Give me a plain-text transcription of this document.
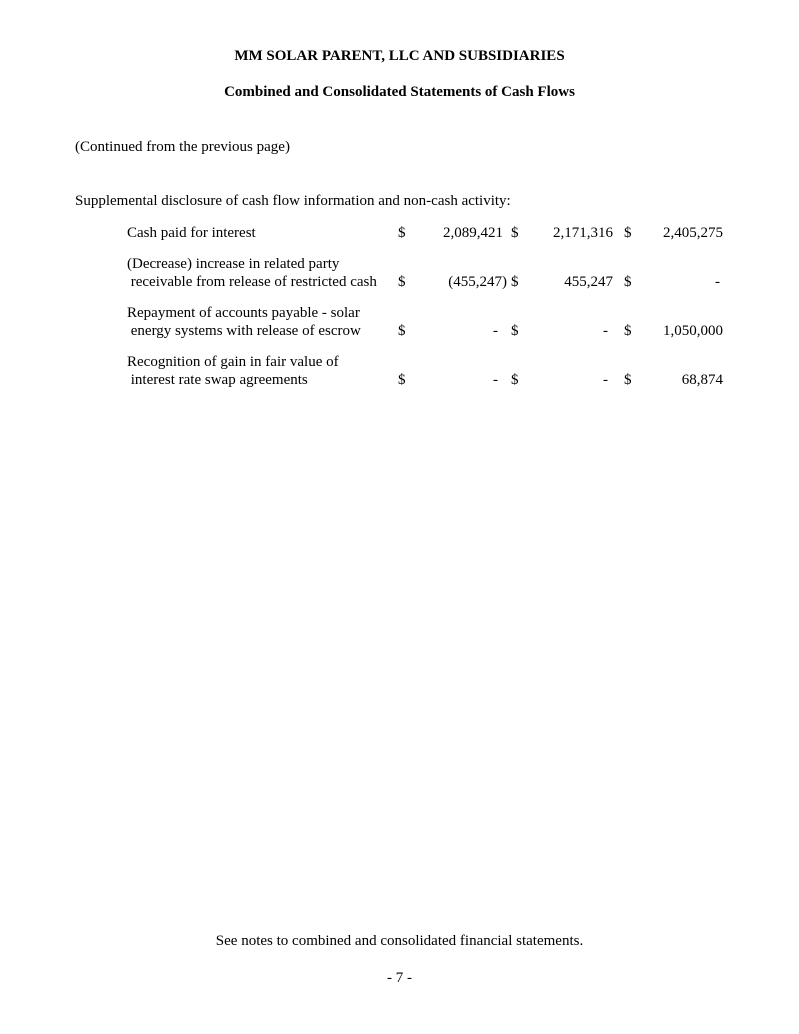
MM SOLAR PARENT, LLC AND SUBSIDIARIES
Combined and Consolidated Statements of Cash Flows
(Continued from the previous page)
Supplemental disclosure of cash flow information and non-cash activity:
Cash paid for interest	$	2,089,421 $	2,171,316 $	2,405,275
(Decrease) increase in related party
receivable from release of restricted cash $	(455,247) $	455,247 $	-
Repayment of accounts payable - solar
energy systems with release of escrow $	- $	- $	1,050,000
Recognition of gain in fair value of
interest rate swap agreements	$	- $	- $	68,874
See notes to combined and consolidated financial statements.
- 7 -
